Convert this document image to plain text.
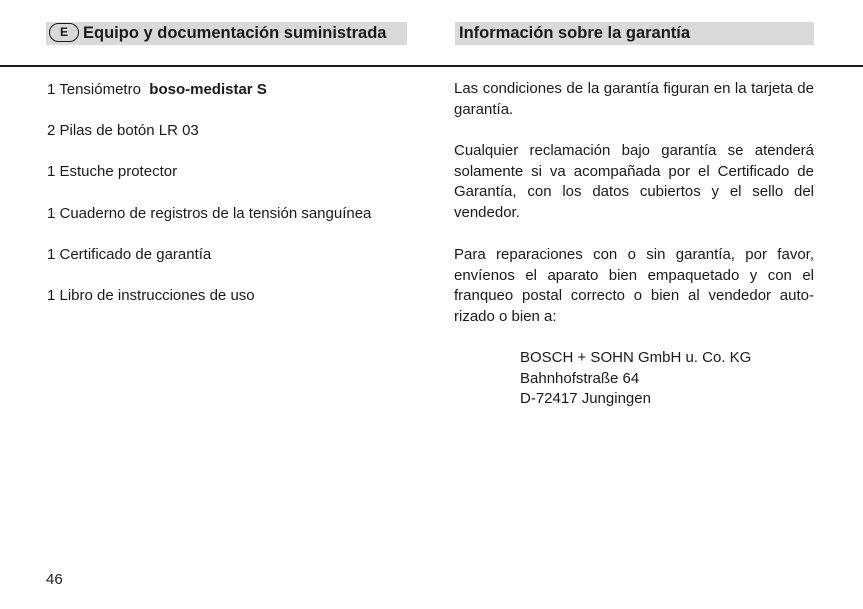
E Equipo y documentación suministrada	Información sobre la garantía
1 Tensiómetro boso-medistar S
2 Pilas de botón LR 03
1 Estuche protector
1 Cuaderno de registros de la tensión sanguínea
1 Certificado de garantía
1 Libro de instrucciones de uso

Las condiciones de la garantía figuran en la tarjeta de garantía.

Cualquier reclamación bajo garantía se atenderá solamente si va acompañada por el Certificado de Garantía, con los datos cubiertos y el sello del vendedor.

Para reparaciones con o sin garantía, por favor, envíenos el aparato bien empaquetado y con el franqueo postal correcto o bien al vendedor auto-rizado o bien a:

BOSCH + SOHN GmbH u. Co. KG
Bahnhofstraße 64
D-72417 Jungingen
46
